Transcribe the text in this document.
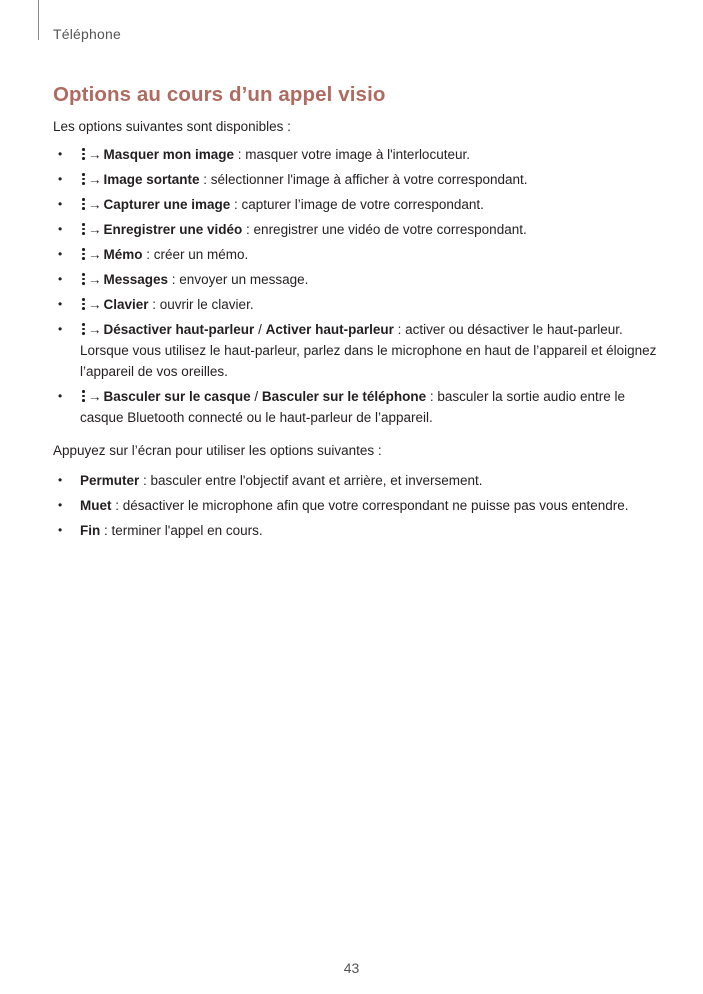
Téléphone
Options au cours d’un appel visio

Les options suivantes sont disponibles :

• → Masquer mon image : masquer votre image à l'interlocuteur.
• → Image sortante : sélectionner l'image à afficher à votre correspondant.
• → Capturer une image : capturer l’image de votre correspondant.
• → Enregistrer une vidéo : enregistrer une vidéo de votre correspondant.
• → Mémo : créer un mémo.
• → Messages : envoyer un message.
• → Clavier : ouvrir le clavier.
• → Désactiver haut-parleur / Activer haut-parleur : activer ou désactiver le haut-parleur. Lorsque vous utilisez le haut-parleur, parlez dans le microphone en haut de l’appareil et éloignez l’appareil de vos oreilles.
• → Basculer sur le casque / Basculer sur le téléphone : basculer la sortie audio entre le casque Bluetooth connecté ou le haut-parleur de l’appareil.

Appuyez sur l’écran pour utiliser les options suivantes :

• Permuter : basculer entre l'objectif avant et arrière, et inversement.
• Muet : désactiver le microphone afin que votre correspondant ne puisse pas vous entendre.
• Fin : terminer l'appel en cours.
43
